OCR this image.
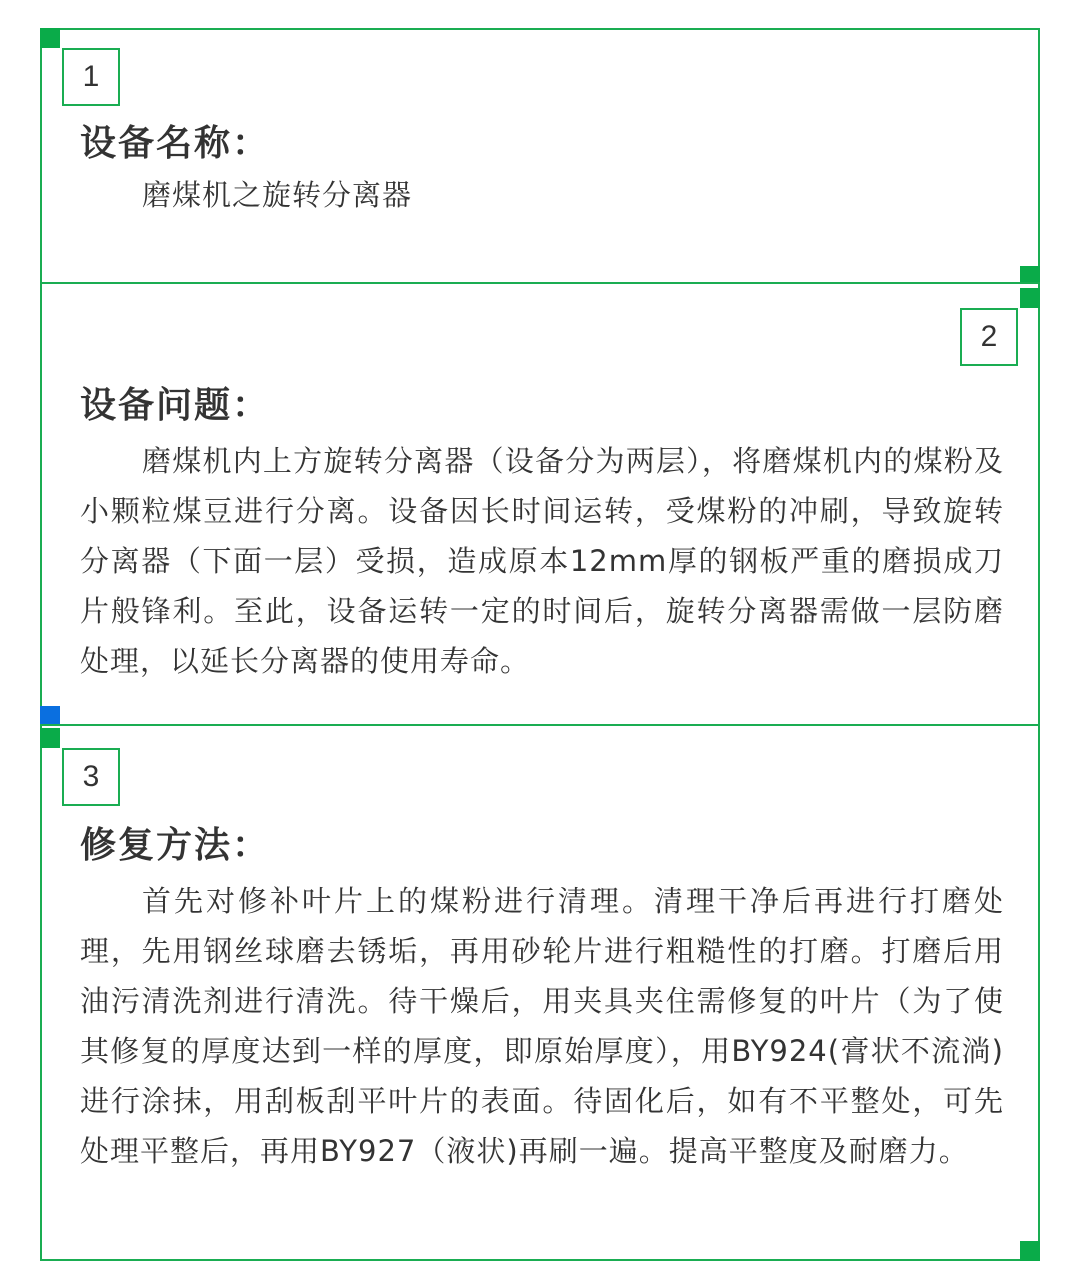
1
设备名称：
磨煤机之旋转分离器
2
设备问题：
磨煤机内上方旋转分离器（设备分为两层），将磨煤机内的煤粉及小颗粒煤豆进行分离。设备因长时间运转，受煤粉的冲刷，导致旋转分离器（下面一层）受损，造成原本12mm厚的钢板严重的磨损成刀片般锋利。至此，设备运转一定的时间后，旋转分离器需做一层防磨处理，以延长分离器的使用寿命。
3
修复方法：
首先对修补叶片上的煤粉进行清理。清理干净后再进行打磨处理，先用钢丝球磨去锈垢，再用砂轮片进行粗糙性的打磨。打磨后用油污清洗剂进行清洗。待干燥后，用夹具夹住需修复的叶片（为了使其修复的厚度达到一样的厚度，即原始厚度），用BY924(膏状不流淌)进行涂抹，用刮板刮平叶片的表面。待固化后，如有不平整处，可先处理平整后，再用BY927（液状)再刷一遍。提高平整度及耐磨力。
